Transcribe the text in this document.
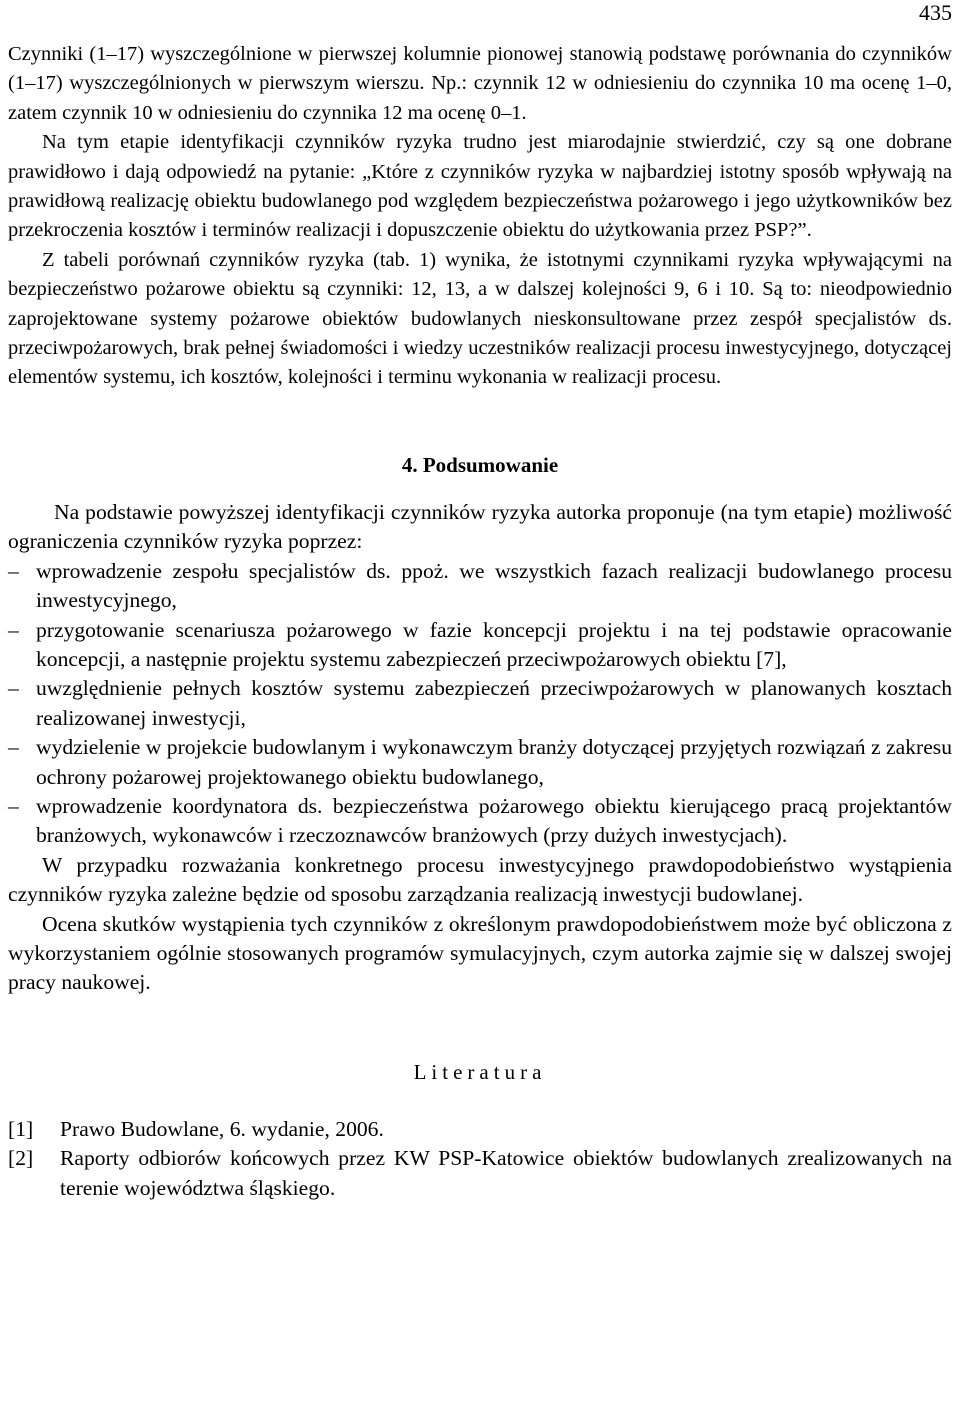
435

Czynniki (1–17) wyszczególnione w pierwszej kolumnie pionowej stanowią podstawę porównania do czynników (1–17) wyszczególnionych w pierwszym wierszu. Np.: czynnik 12 w odniesieniu do czynnika 10 ma ocenę 1–0, zatem czynnik 10 w odniesieniu do czynnika 12 ma ocenę 0–1.

Na tym etapie identyfikacji czynników ryzyka trudno jest miarodajnie stwierdzić, czy są one dobrane prawidłowo i dają odpowiedź na pytanie: „Które z czynników ryzyka w najbardziej istotny sposób wpływają na prawidłową realizację obiektu budowlanego pod względem bezpieczeństwa pożarowego i jego użytkowników bez przekroczenia kosztów i terminów realizacji i dopuszczenie obiektu do użytkowania przez PSP?”.

Z tabeli porównań czynników ryzyka (tab. 1) wynika, że istotnymi czynnikami ryzyka wpływającymi na bezpieczeństwo pożarowe obiektu są czynniki: 12, 13, a w dalszej kolejności 9, 6 i 10. Są to: nieodpowiednio zaprojektowane systemy pożarowe obiektów budowlanych nieskonsultowane przez zespół specjalistów ds. przeciwpożarowych, brak pełnej świadomości i wiedzy uczestników realizacji procesu inwestycyjnego, dotyczącej elementów systemu, ich kosztów, kolejności i terminu wykonania w realizacji procesu.

4. Podsumowanie

Na podstawie powyższej identyfikacji czynników ryzyka autorka proponuje (na tym etapie) możliwość ograniczenia czynników ryzyka poprzez:

– wprowadzenie zespołu specjalistów ds. ppoż. we wszystkich fazach realizacji budowlanego procesu inwestycyjnego,
– przygotowanie scenariusza pożarowego w fazie koncepcji projektu i na tej podstawie opracowanie koncepcji, a następnie projektu systemu zabezpieczeń przeciwpożarowych obiektu [7],
– uwzględnienie pełnych kosztów systemu zabezpieczeń przeciwpożarowych w planowanych kosztach realizowanej inwestycji,
– wydzielenie w projekcie budowlanym i wykonawczym branży dotyczącej przyjętych rozwiązań z zakresu ochrony pożarowej projektowanego obiektu budowlanego,
– wprowadzenie koordynatora ds. bezpieczeństwa pożarowego obiektu kierującego pracą projektantów branżowych, wykonawców i rzeczoznawców branżowych (przy dużych inwestycjach).

W przypadku rozważania konkretnego procesu inwestycyjnego prawdopodobieństwo wystąpienia czynników ryzyka zależne będzie od sposobu zarządzania realizacją inwestycji budowlanej.

Ocena skutków wystąpienia tych czynników z określonym prawdopodobieństwem może być obliczona z wykorzystaniem ogólnie stosowanych programów symulacyjnych, czym autorka zajmie się w dalszej swojej pracy naukowej.

Literatura
[1] Prawo Budowlane, 6. wydanie, 2006.
[2] Raporty odbiorów końcowych przez KW PSP-Katowice obiektów budowlanych zrealizowanych na terenie województwa śląskiego.
